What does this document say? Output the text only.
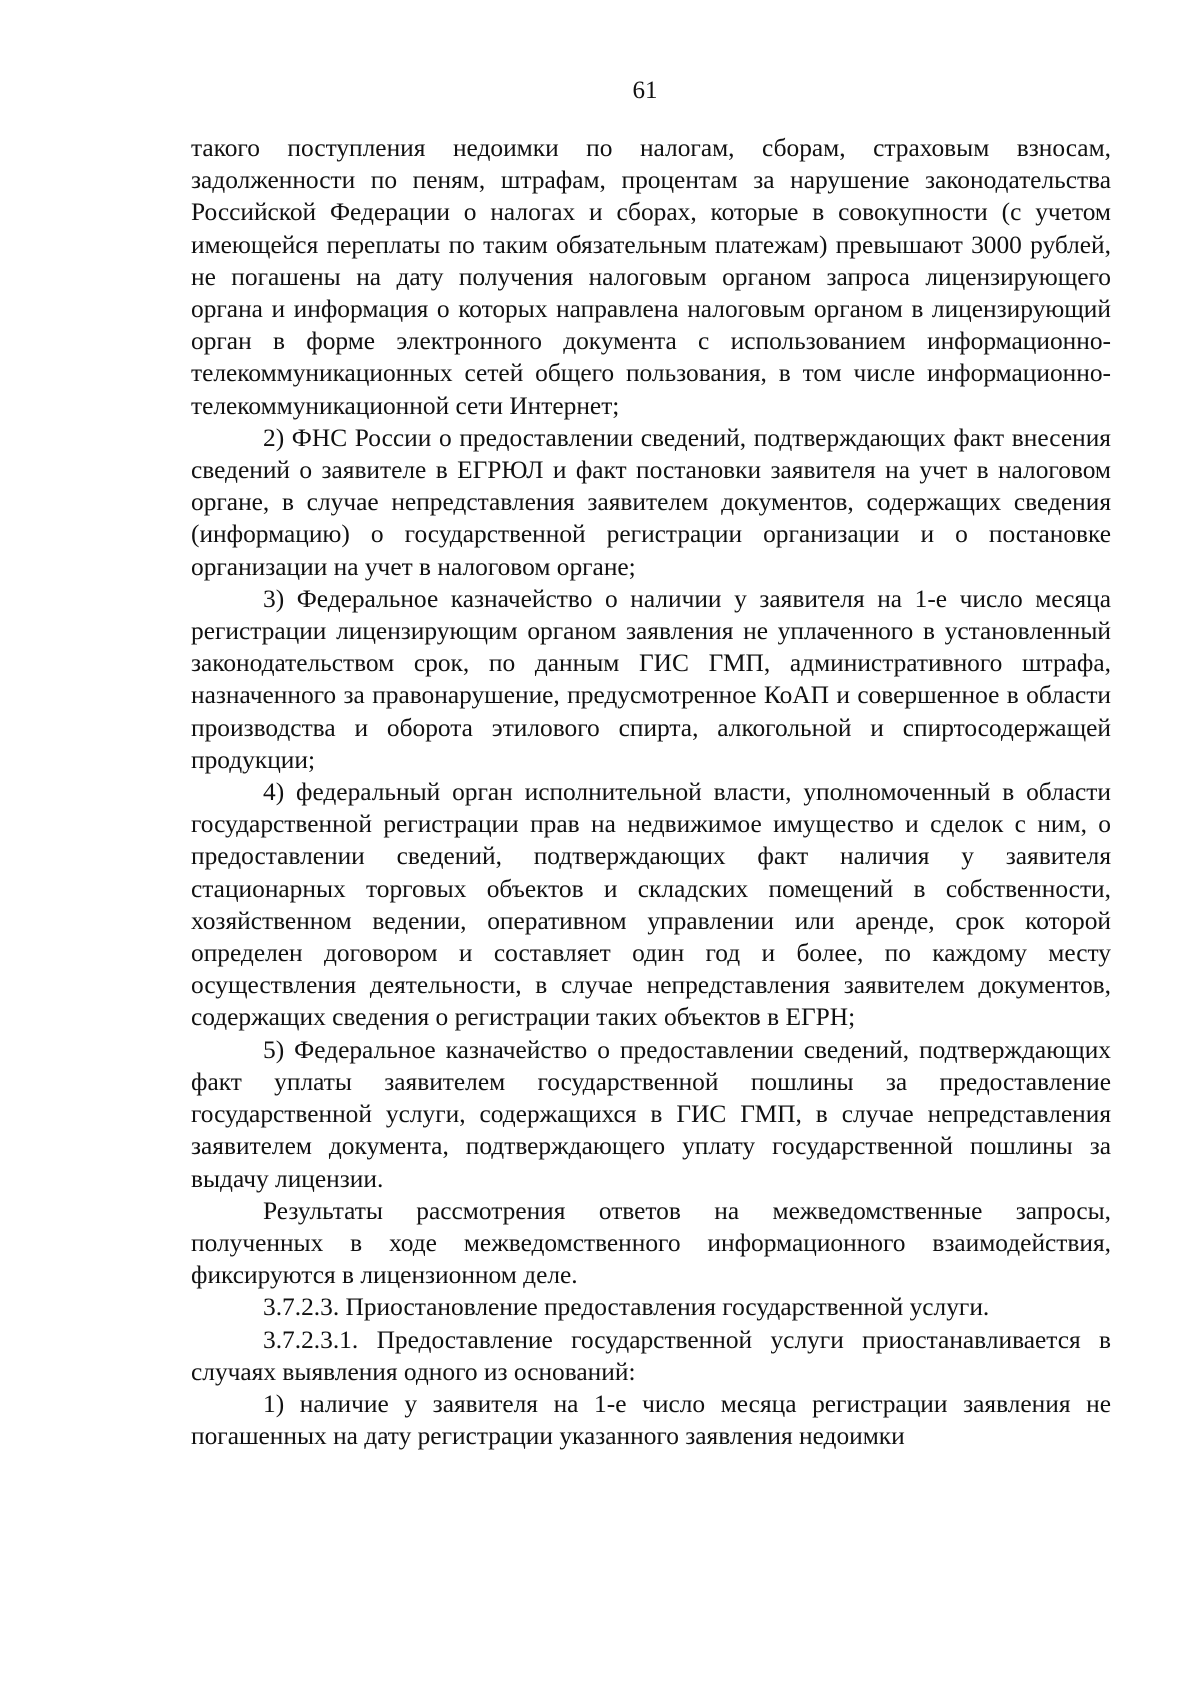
61

такого поступления недоимки по налогам, сборам, страховым взносам, задолженности по пеням, штрафам, процентам за нарушение законодательства Российской Федерации о налогах и сборах, которые в совокупности (с учетом имеющейся переплаты по таким обязательным платежам) превышают 3000 рублей, не погашены на дату получения налоговым органом запроса лицензирующего органа и информация о которых направлена налоговым органом в лицензирующий орган в форме электронного документа с использованием информационно-телекоммуникационных сетей общего пользования, в том числе информационно-телекоммуникационной сети Интернет;

2) ФНС России о предоставлении сведений, подтверждающих факт внесения сведений о заявителе в ЕГРЮЛ и факт постановки заявителя на учет в налоговом органе, в случае непредставления заявителем документов, содержащих сведения (информацию) о государственной регистрации организации и о постановке организации на учет в налоговом органе;

3) Федеральное казначейство о наличии у заявителя на 1-е число месяца регистрации лицензирующим органом заявления не уплаченного в установленный законодательством срок, по данным ГИС ГМП, административного штрафа, назначенного за правонарушение, предусмотренное КоАП и совершенное в области производства и оборота этилового спирта, алкогольной и спиртосодержащей продукции;

4) федеральный орган исполнительной власти, уполномоченный в области государственной регистрации прав на недвижимое имущество и сделок с ним, о предоставлении сведений, подтверждающих факт наличия у заявителя стационарных торговых объектов и складских помещений в собственности, хозяйственном ведении, оперативном управлении или аренде, срок которой определен договором и составляет один год и более, по каждому месту осуществления деятельности, в случае непредставления заявителем документов, содержащих сведения о регистрации таких объектов в ЕГРН;

5) Федеральное казначейство о предоставлении сведений, подтверждающих факт уплаты заявителем государственной пошлины за предоставление государственной услуги, содержащихся в ГИС ГМП, в случае непредставления заявителем документа, подтверждающего уплату государственной пошлины за выдачу лицензии.

Результаты рассмотрения ответов на межведомственные запросы, полученных в ходе межведомственного информационного взаимодействия, фиксируются в лицензионном деле.

3.7.2.3. Приостановление предоставления государственной услуги.

3.7.2.3.1. Предоставление государственной услуги приостанавливается в случаях выявления одного из оснований:

1) наличие у заявителя на 1-е число месяца регистрации заявления не погашенных на дату регистрации указанного заявления недоимки
